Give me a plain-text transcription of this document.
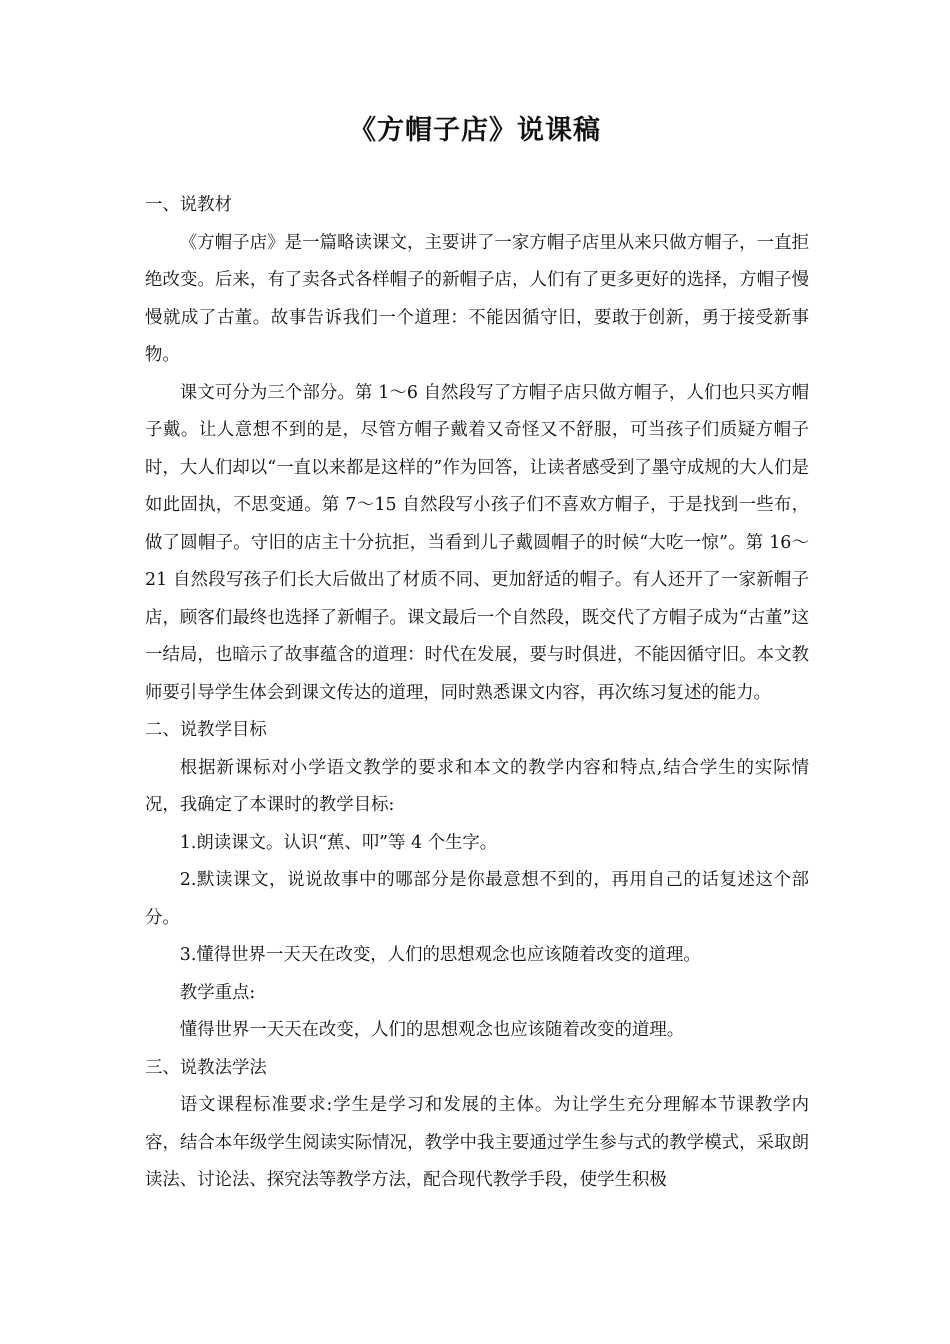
《方帽子店》说课稿

一、说教材

《方帽子店》是一篇略读课文，主要讲了一家方帽子店里从来只做方帽子，一直拒绝改变。后来，有了卖各式各样帽子的新帽子店，人们有了更多更好的选择，方帽子慢慢就成了古董。故事告诉我们一个道理：不能因循守旧，要敢于创新，勇于接受新事物。

课文可分为三个部分。第 1～6 自然段写了方帽子店只做方帽子，人们也只买方帽子戴。让人意想不到的是，尽管方帽子戴着又奇怪又不舒服，可当孩子们质疑方帽子时，大人们却以“一直以来都是这样的”作为回答，让读者感受到了墨守成规的大人们是如此固执，不思变通。第 7～15 自然段写小孩子们不喜欢方帽子，于是找到一些布，做了圆帽子。守旧的店主十分抗拒，当看到儿子戴圆帽子的时候“大吃一惊”。第 16～21 自然段写孩子们长大后做出了材质不同、更加舒适的帽子。有人还开了一家新帽子店，顾客们最终也选择了新帽子。课文最后一个自然段，既交代了方帽子成为“古董”这一结局，也暗示了故事蕴含的道理：时代在发展，要与时俱进，不能因循守旧。本文教师要引导学生体会到课文传达的道理，同时熟悉课文内容，再次练习复述的能力。

二、说教学目标

根据新课标对小学语文教学的要求和本文的教学内容和特点,结合学生的实际情况，我确定了本课时的教学目标:

1.朗读课文。认识“蕉、叩”等 4 个生字。

2.默读课文，说说故事中的哪部分是你最意想不到的，再用自己的话复述这个部分。

3.懂得世界一天天在改变，人们的思想观念也应该随着改变的道理。

教学重点:

懂得世界一天天在改变，人们的思想观念也应该随着改变的道理。

三、说教法学法

语文课程标准要求:学生是学习和发展的主体。为让学生充分理解本节课教学内容，结合本年级学生阅读实际情况，教学中我主要通过学生参与式的教学模式，采取朗读法、讨论法、探究法等教学方法，配合现代教学手段，使学生积极
